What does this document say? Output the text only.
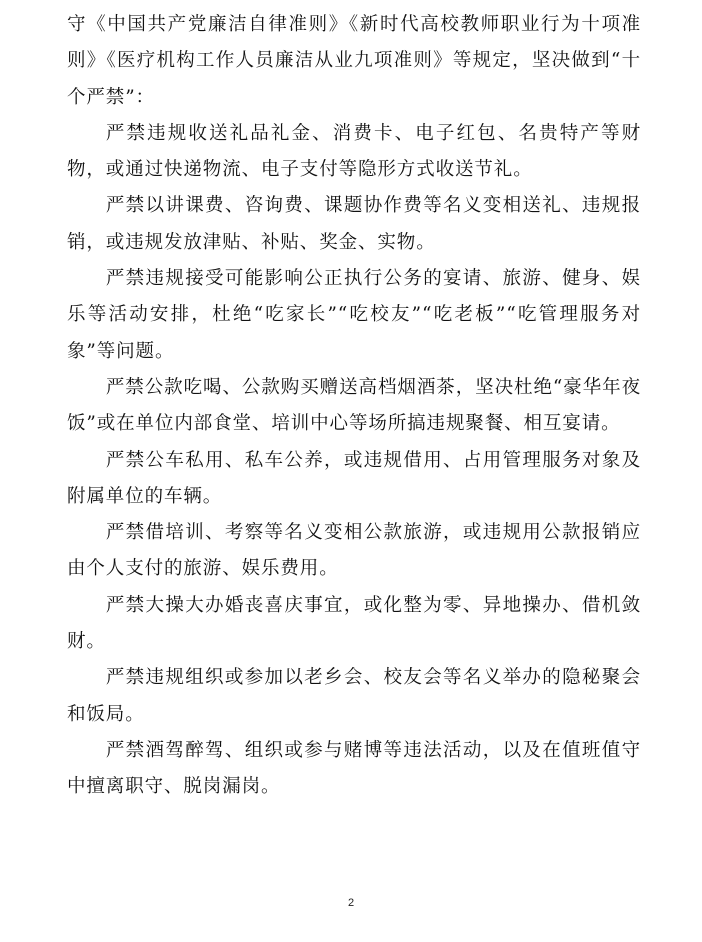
守《中国共产党廉洁自律准则》《新时代高校教师职业行为十项准则》《医疗机构工作人员廉洁从业九项准则》等规定，坚决做到“十个严禁”：

严禁违规收送礼品礼金、消费卡、电子红包、名贵特产等财物，或通过快递物流、电子支付等隐形方式收送节礼。

严禁以讲课费、咨询费、课题协作费等名义变相送礼、违规报销，或违规发放津贴、补贴、奖金、实物。

严禁违规接受可能影响公正执行公务的宴请、旅游、健身、娱乐等活动安排，杜绝“吃家长”“吃校友”“吃老板”“吃管理服务对象”等问题。

严禁公款吃喝、公款购买赠送高档烟酒茶，坚决杜绝“豪华年夜饭”或在单位内部食堂、培训中心等场所搞违规聚餐、相互宴请。

严禁公车私用、私车公养，或违规借用、占用管理服务对象及附属单位的车辆。

严禁借培训、考察等名义变相公款旅游，或违规用公款报销应由个人支付的旅游、娱乐费用。

严禁大操大办婚丧喜庆事宜，或化整为零、异地操办、借机敛财。

严禁违规组织或参加以老乡会、校友会等名义举办的隐秘聚会和饭局。

严禁酒驾醉驾、组织或参与赌博等违法活动，以及在值班值守中擅离职守、脱岗漏岗。

2
